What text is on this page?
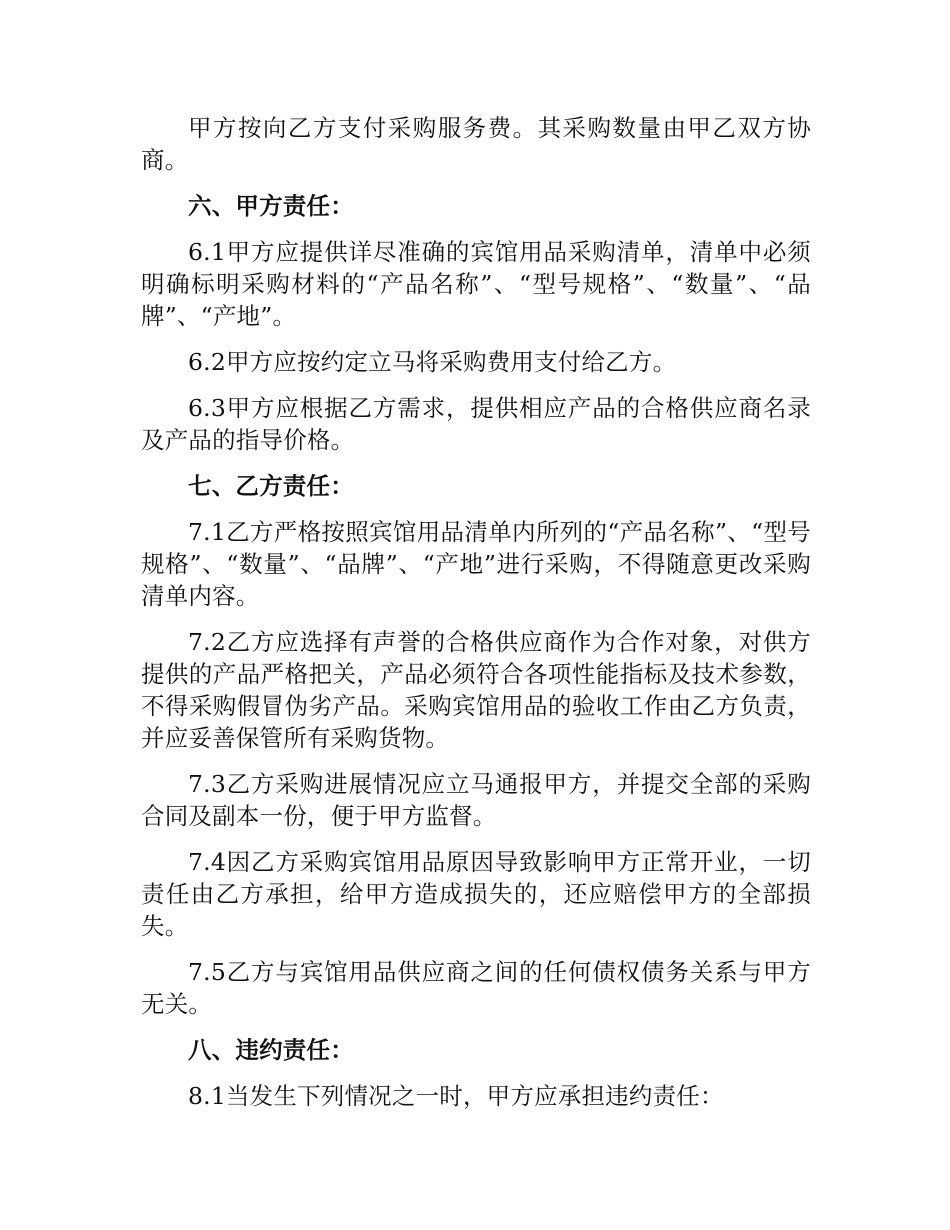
甲方按向乙方支付采购服务费。其采购数量由甲乙双方协商。

六、甲方责任：

6.1甲方应提供详尽准确的宾馆用品采购清单，清单中必须明确标明采购材料的“产品名称”、“型号规格”、“数量”、“品牌”、“产地”。

6.2甲方应按约定立马将采购费用支付给乙方。

6.3甲方应根据乙方需求，提供相应产品的合格供应商名录及产品的指导价格。

七、乙方责任：

7.1乙方严格按照宾馆用品清单内所列的“产品名称”、“型号规格”、“数量”、“品牌”、“产地”进行采购，不得随意更改采购清单内容。

7.2乙方应选择有声誉的合格供应商作为合作对象，对供方提供的产品严格把关，产品必须符合各项性能指标及技术参数，不得采购假冒伪劣产品。采购宾馆用品的验收工作由乙方负责，并应妥善保管所有采购货物。

7.3乙方采购进展情况应立马通报甲方，并提交全部的采购合同及副本一份，便于甲方监督。

7.4因乙方采购宾馆用品原因导致影响甲方正常开业，一切责任由乙方承担，给甲方造成损失的，还应赔偿甲方的全部损失。

7.5乙方与宾馆用品供应商之间的任何债权债务关系与甲方无关。

八、违约责任：

8.1当发生下列情况之一时，甲方应承担违约责任：
